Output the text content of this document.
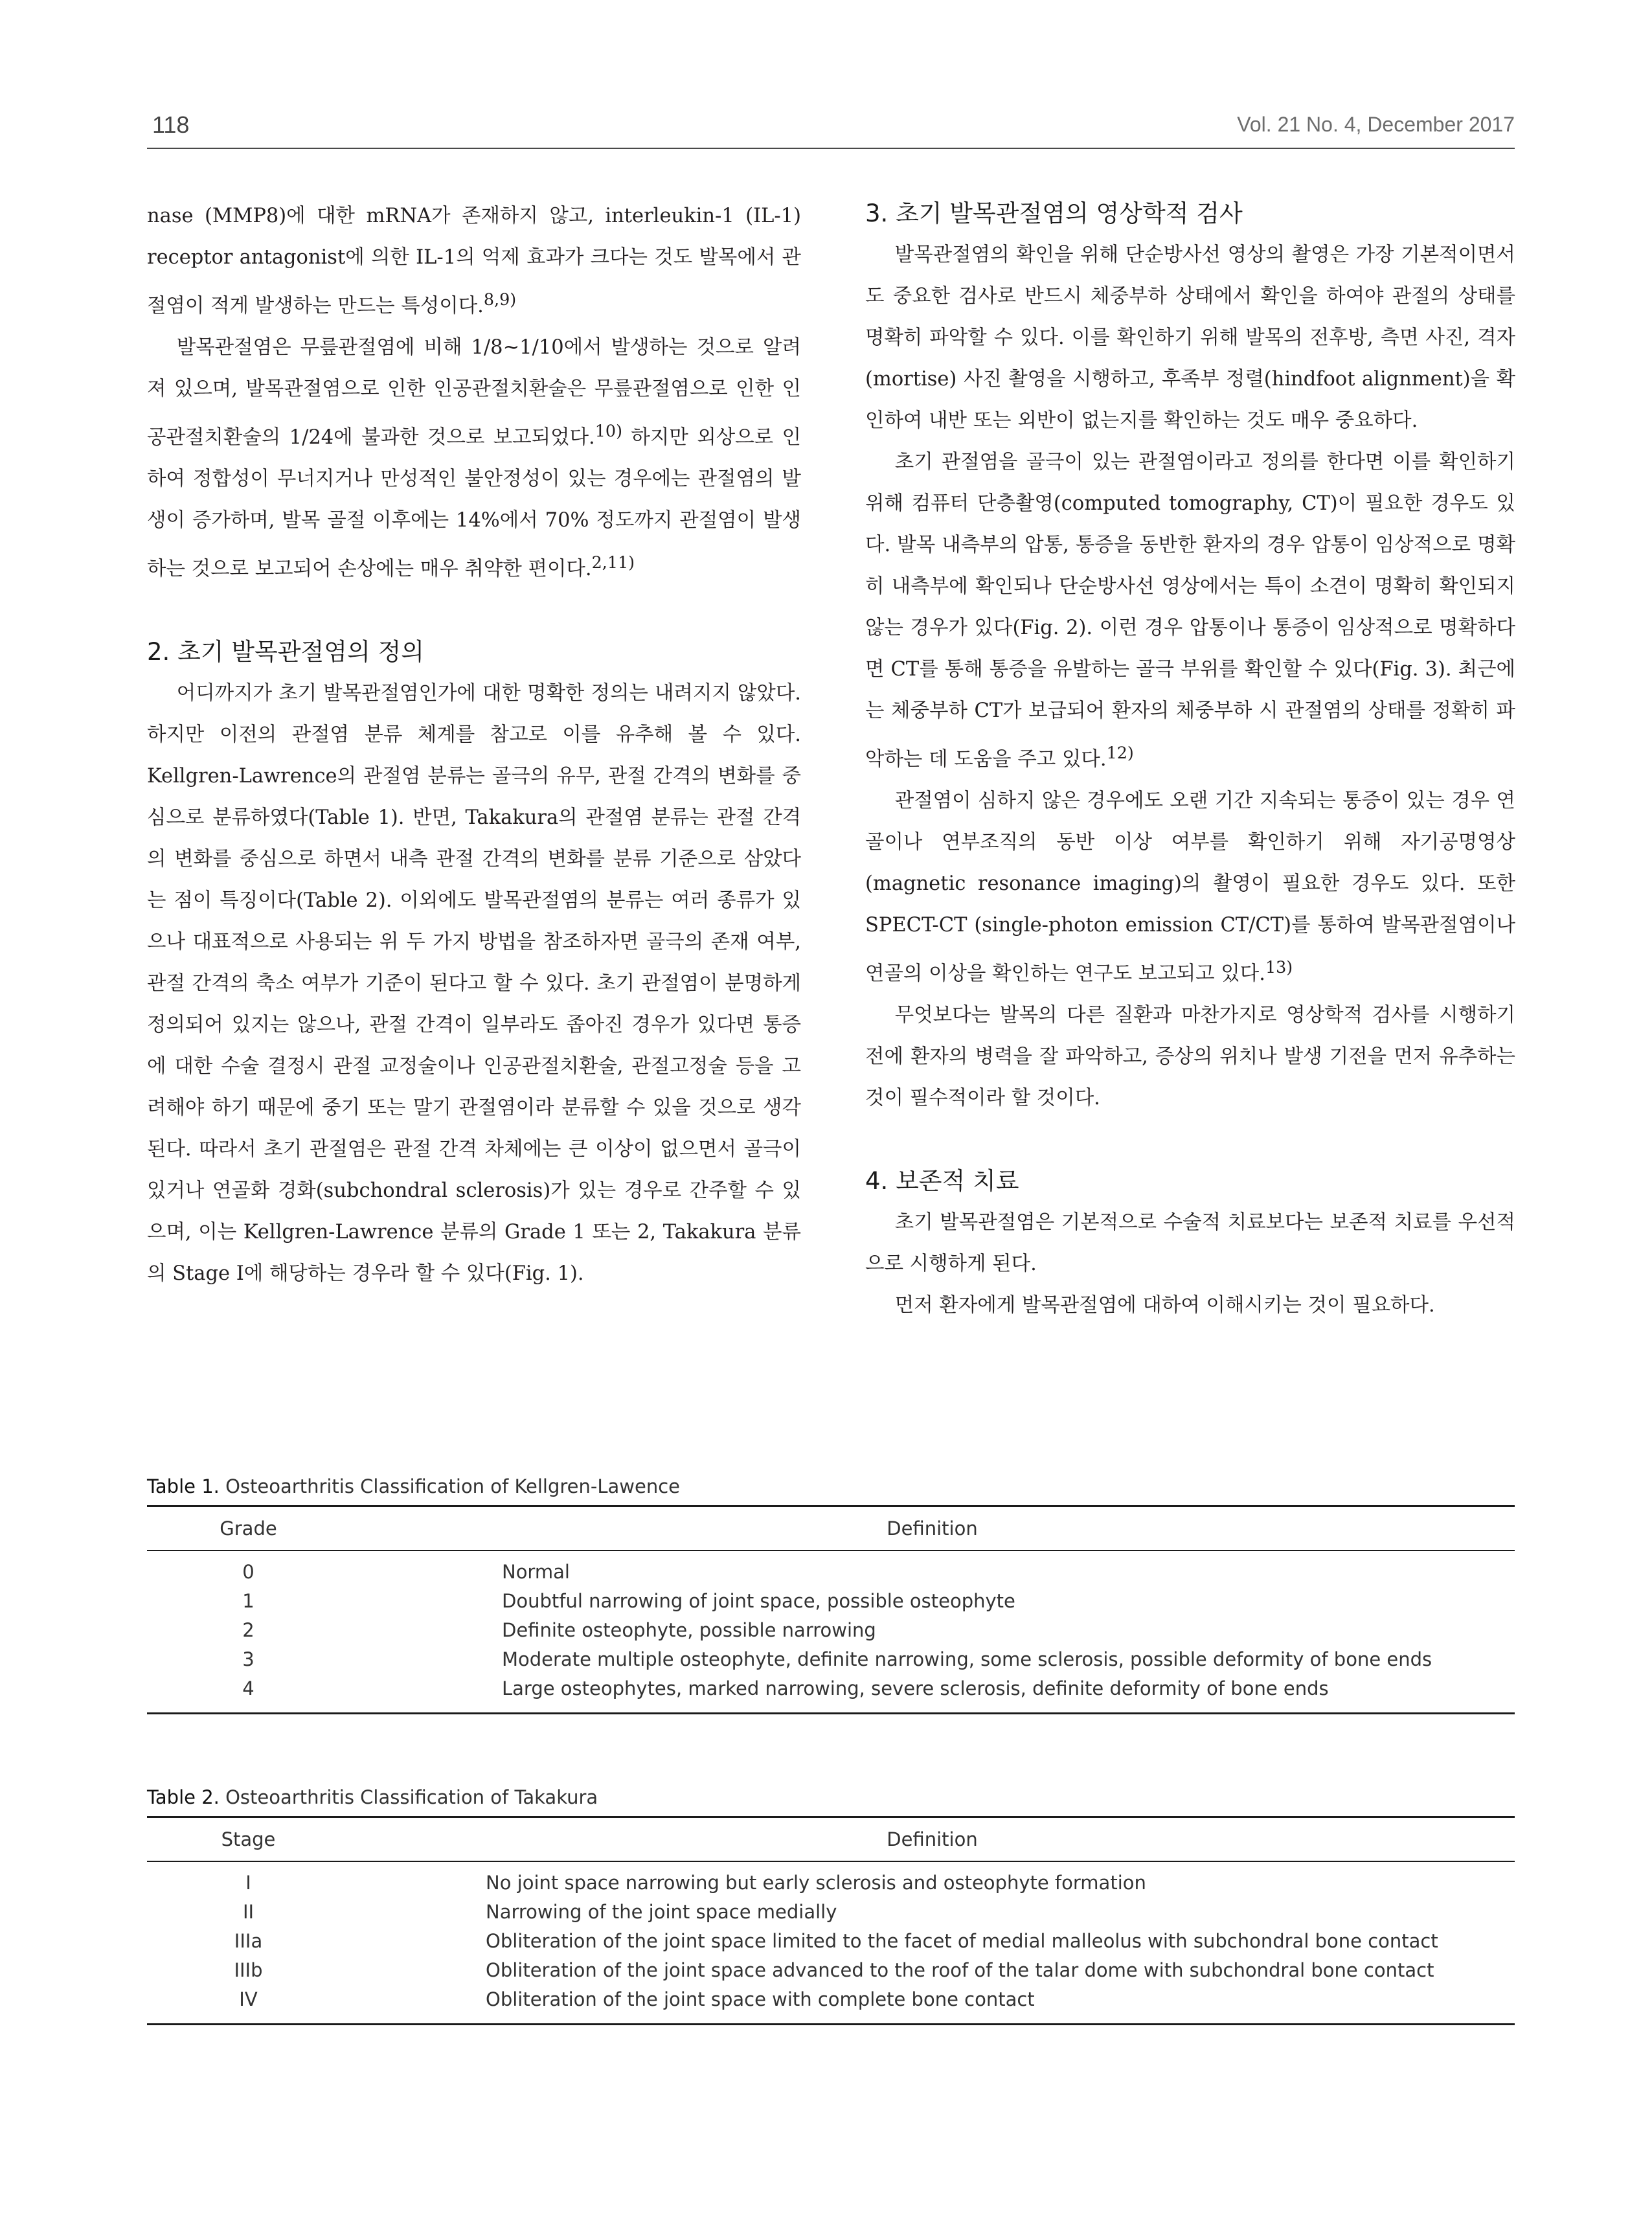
118	Vol. 21 No. 4, December 2017

nase (MMP8)에 대한 mRNA가 존재하지 않고, interleukin-1 (IL-1) receptor antagonist에 의한 IL-1의 억제 효과가 크다는 것도 발목에서 관절염이 적게 발생하는 만드는 특성이다.$^{8,9)}$

발목관절염은 무릎관절염에 비해 1/8∼1/10에서 발생하는 것으로 알려져 있으며, 발목관절염으로 인한 인공관절치환술은 무릎관절염으로 인한 인공관절치환술의 1/24에 불과한 것으로 보고되었다.$^{10)}$ 하지만 외상으로 인하여 정합성이 무너지거나 만성적인 불안정성이 있는 경우에는 관절염의 발생이 증가하며, 발목 골절 이후에는 14%에서 70% 정도까지 관절염이 발생하는 것으로 보고되어 손상에는 매우 취약한 편이다.$^{2,11)}$

2. 초기 발목관절염의 정의

어디까지가 초기 발목관절염인가에 대한 명확한 정의는 내려지지 않았다. 하지만 이전의 관절염 분류 체계를 참고로 이를 유추해 볼 수 있다. Kellgren-Lawrence의 관절염 분류는 골극의 유무, 관절 간격의 변화를 중심으로 분류하였다(Table 1). 반면, Takakura의 관절염 분류는 관절 간격의 변화를 중심으로 하면서 내측 관절 간격의 변화를 분류 기준으로 삼았다는 점이 특징이다(Table 2). 이외에도 발목관절염의 분류는 여러 종류가 있으나 대표적으로 사용되는 위 두 가지 방법을 참조하자면 골극의 존재 여부, 관절 간격의 축소 여부가 기준이 된다고 할 수 있다. 초기 관절염이 분명하게 정의되어 있지는 않으나, 관절 간격이 일부라도 좁아진 경우가 있다면 통증에 대한 수술 결정시 관절 교정술이나 인공관절치환술, 관절고정술 등을 고려해야 하기 때문에 중기 또는 말기 관절염이라 분류할 수 있을 것으로 생각된다. 따라서 초기 관절염은 관절 간격 차체에는 큰 이상이 없으면서 골극이 있거나 연골화 경화(subchondral sclerosis)가 있는 경우로 간주할 수 있으며, 이는 Kellgren-Lawrence 분류의 Grade 1 또는 2, Takakura 분류의 Stage I에 해당하는 경우라 할 수 있다(Fig. 1).

3. 초기 발목관절염의 영상학적 검사

발목관절염의 확인을 위해 단순방사선 영상의 촬영은 가장 기본적이면서도 중요한 검사로 반드시 체중부하 상태에서 확인을 하여야 관절의 상태를 명확히 파악할 수 있다. 이를 확인하기 위해 발목의 전후방, 측면 사진, 격자(mortise) 사진 촬영을 시행하고, 후족부 정렬(hindfoot alignment)을 확인하여 내반 또는 외반이 없는지를 확인하는 것도 매우 중요하다.

초기 관절염을 골극이 있는 관절염이라고 정의를 한다면 이를 확인하기 위해 컴퓨터 단층촬영(computed tomography, CT)이 필요한 경우도 있다. 발목 내측부의 압통, 통증을 동반한 환자의 경우 압통이 임상적으로 명확히 내측부에 확인되나 단순방사선 영상에서는 특이 소견이 명확히 확인되지 않는 경우가 있다(Fig. 2). 이런 경우 압통이나 통증이 임상적으로 명확하다면 CT를 통해 통증을 유발하는 골극 부위를 확인할 수 있다(Fig. 3). 최근에는 체중부하 CT가 보급되어 환자의 체중부하 시 관절염의 상태를 정확히 파악하는 데 도움을 주고 있다.$^{12)}$

관절염이 심하지 않은 경우에도 오랜 기간 지속되는 통증이 있는 경우 연골이나 연부조직의 동반 이상 여부를 확인하기 위해 자기공명영상(magnetic resonance imaging)의 촬영이 필요한 경우도 있다. 또한 SPECT-CT (single-photon emission CT/CT)를 통하여 발목관절염이나 연골의 이상을 확인하는 연구도 보고되고 있다.$^{13)}$

무엇보다는 발목의 다른 질환과 마찬가지로 영상학적 검사를 시행하기 전에 환자의 병력을 잘 파악하고, 증상의 위치나 발생 기전을 먼저 유추하는 것이 필수적이라 할 것이다.

4. 보존적 치료

초기 발목관절염은 기본적으로 수술적 치료보다는 보존적 치료를 우선적으로 시행하게 된다.

먼저 환자에게 발목관절염에 대하여 이해시키는 것이 필요하다.

Table 1. Osteoarthritis Classification of Kellgren-Lawence
Grade	Definition
0	Normal
1	Doubtful narrowing of joint space, possible osteophyte
2	Definite osteophyte, possible narrowing
3	Moderate multiple osteophyte, definite narrowing, some sclerosis, possible deformity of bone ends
4	Large osteophytes, marked narrowing, severe sclerosis, definite deformity of bone ends
Table 2. Osteoarthritis Classification of Takakura
Stage	Definition
I	No joint space narrowing but early sclerosis and osteophyte formation
II	Narrowing of the joint space medially
IIIa	Obliteration of the joint space limited to the facet of medial malleolus with subchondral bone contact
IIIb	Obliteration of the joint space advanced to the roof of the talar dome with subchondral bone contact
IV	Obliteration of the joint space with complete bone contact
